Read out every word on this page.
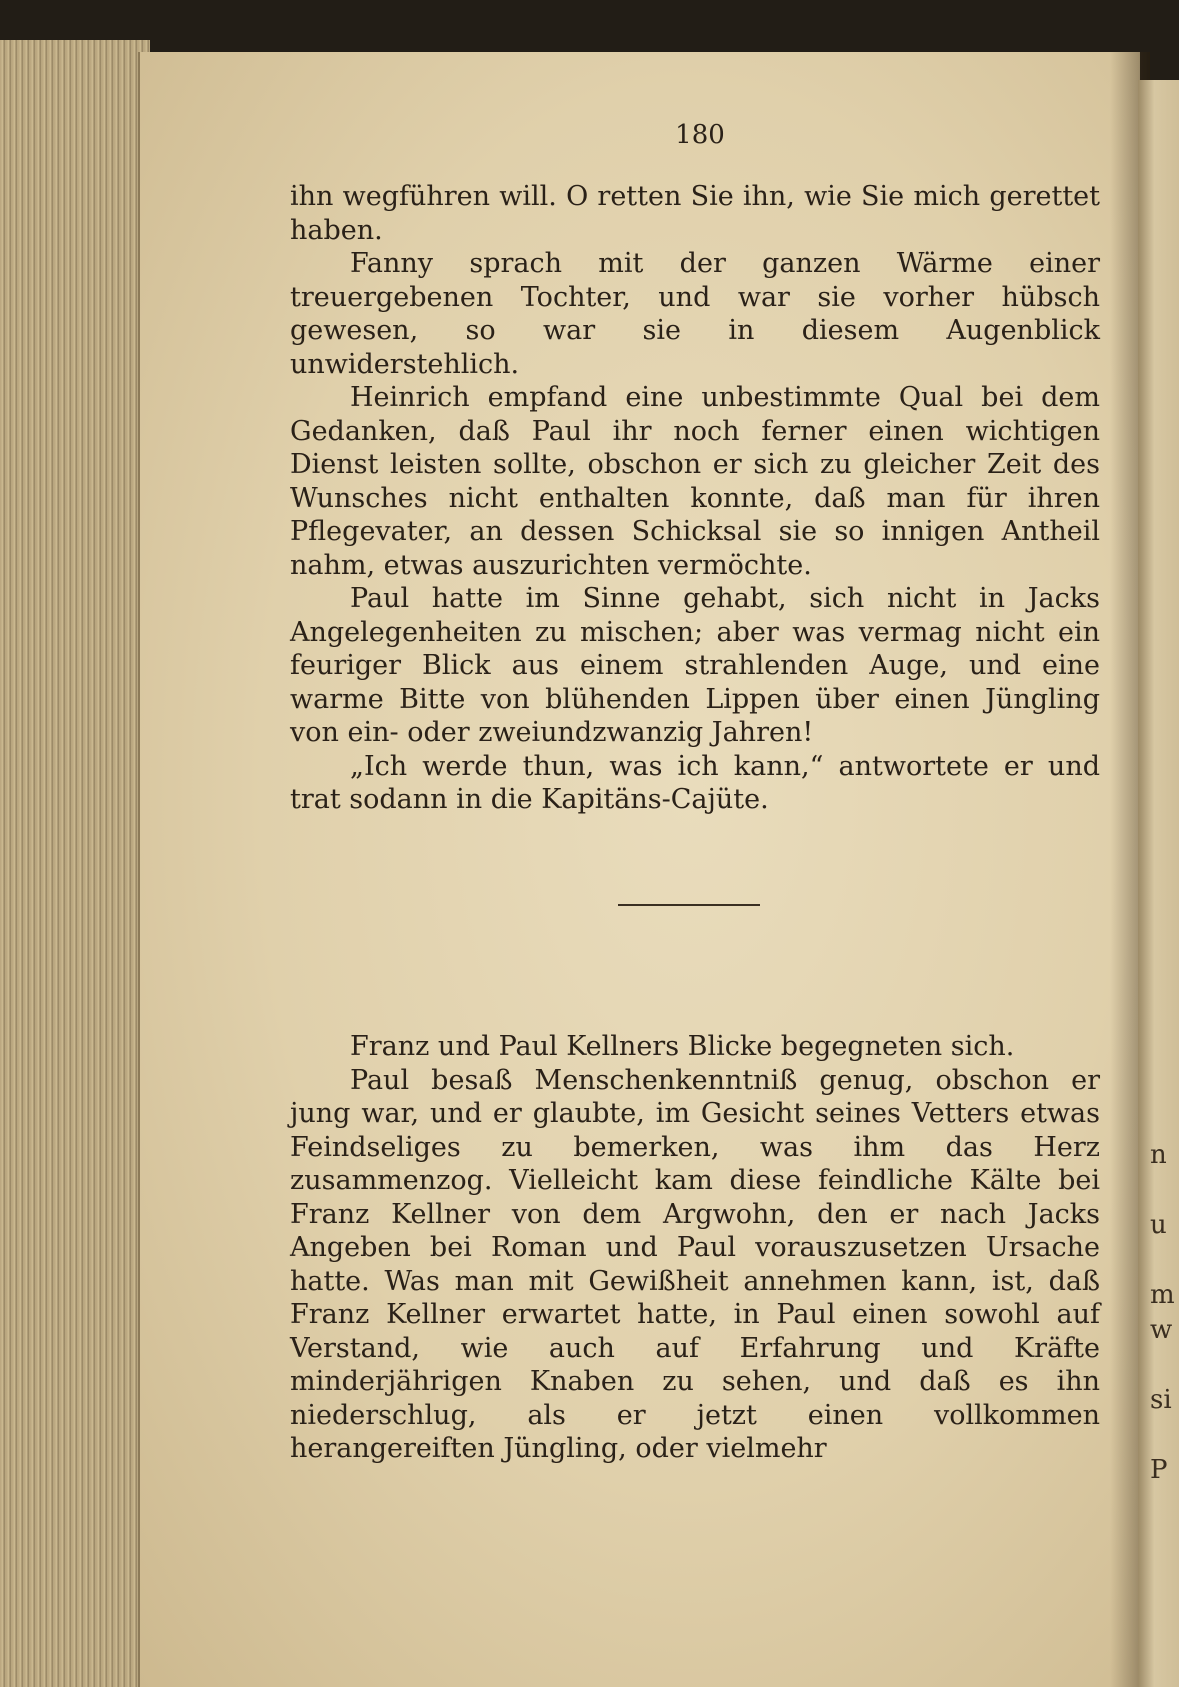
180

ihn wegführen will. O retten Sie ihn, wie Sie mich gerettet haben.

Fanny sprach mit der ganzen Wärme einer treuergebenen Tochter, und war sie vorher hübsch gewesen, so war sie in diesem Augenblick unwiderstehlich.

Heinrich empfand eine unbestimmte Qual bei dem Gedanken, daß Paul ihr noch ferner einen wichtigen Dienst leisten sollte, obschon er sich zu gleicher Zeit des Wunsches nicht enthalten konnte, daß man für ihren Pflegevater, an dessen Schicksal sie so innigen Antheil nahm, etwas auszurichten vermöchte.

Paul hatte im Sinne gehabt, sich nicht in Jacks Angelegenheiten zu mischen; aber was vermag nicht ein feuriger Blick aus einem strahlenden Auge, und eine warme Bitte von blühenden Lippen über einen Jüngling von ein- oder zweiundzwanzig Jahren!

„Ich werde thun, was ich kann,“ antwortete er und trat sodann in die Kapitäns-Cajüte.

Franz und Paul Kellners Blicke begegneten sich.

Paul besaß Menschenkenntniß genug, obschon er jung war, und er glaubte, im Gesicht seines Vetters etwas Feindseliges zu bemerken, was ihm das Herz zusammenzog. Vielleicht kam diese feindliche Kälte bei Franz Kellner von dem Argwohn, den er nach Jacks Angeben bei Roman und Paul vorauszusetzen Ursache hatte. Was man mit Gewißheit annehmen kann, ist, daß Franz Kellner erwartet hatte, in Paul einen sowohl auf Verstand, wie auch auf Erfahrung und Kräfte minderjährigen Knaben zu sehen, und daß es ihn niederschlug, als er jetzt einen vollkommen herangereiften Jüngling, oder vielmehr

n
u
m
w
si
P
